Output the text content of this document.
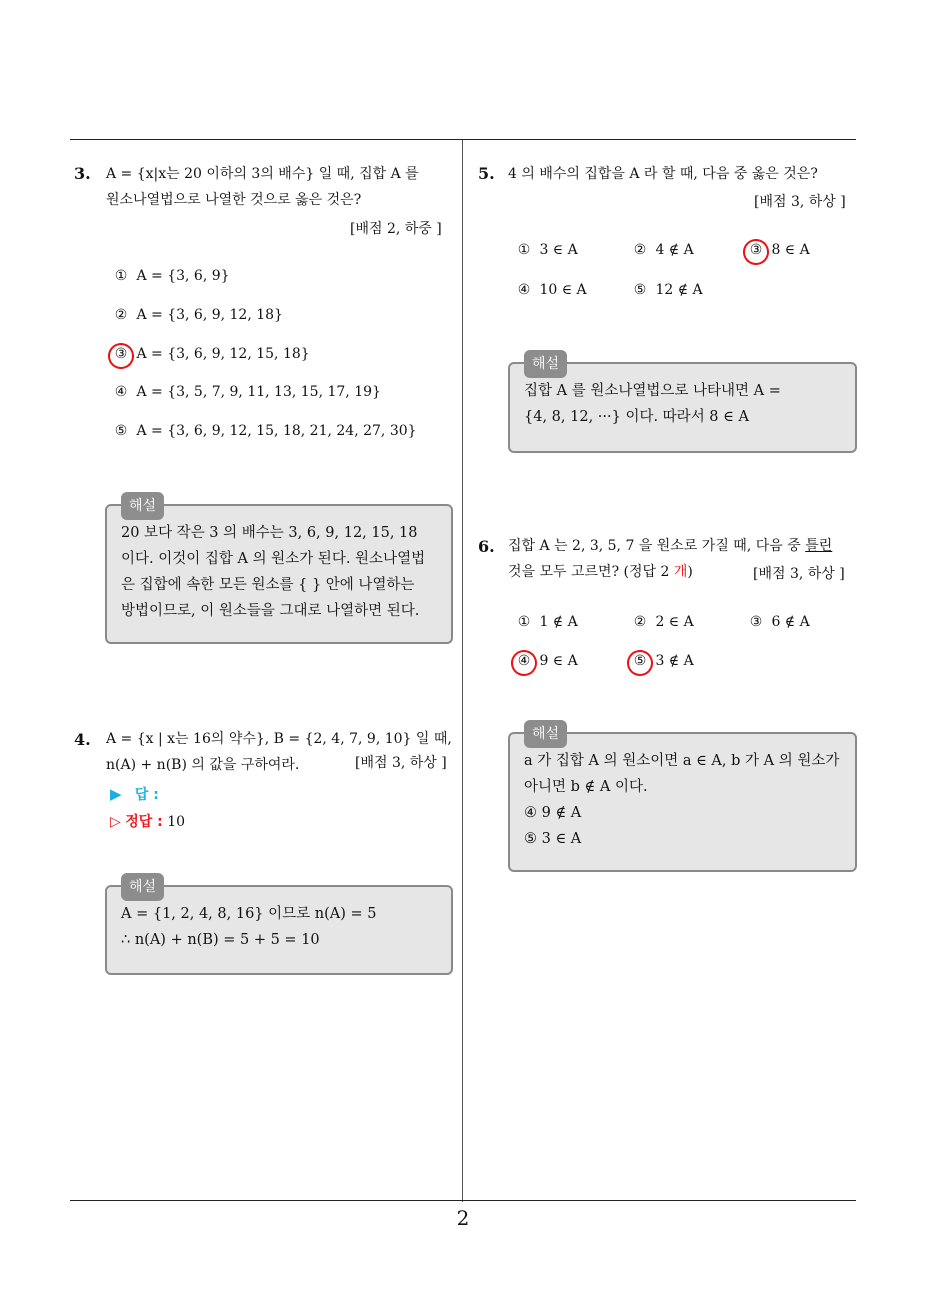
2
3. A = {x|x는 20 이하의 3의 배수} 일 때, 집합 A 를
원소나열법으로 나열한 것으로 옳은 것은?
[배점 2, 하중 ]
① A = {3, 6, 9}
② A = {3, 6, 9, 12, 18}
③ A = {3, 6, 9, 12, 15, 18}
④ A = {3, 5, 7, 9, 11, 13, 15, 17, 19}
⑤ A = {3, 6, 9, 12, 15, 18, 21, 24, 27, 30}
해설
20 보다 작은 3 의 배수는 3, 6, 9, 12, 15, 18
이다. 이것이 집합 A 의 원소가 된다. 원소나열법
은 집합에 속한 모든 원소를 { } 안에 나열하는
방법이므로, 이 원소들을 그대로 나열하면 된다.
4. A = {x | x는 16의 약수}, B = {2, 4, 7, 9, 10} 일 때,
n(A) + n(B) 의 값을 구하여라.	[배점 3, 하상 ]
▶ 답 :
▷ 정답 : 10
해설
A = {1, 2, 4, 8, 16} 이므로 n(A) = 5
∴ n(A) + n(B) = 5 + 5 = 10
5. 4 의 배수의 집합을 A 라 할 때, 다음 중 옳은 것은?
[배점 3, 하상 ]
① 3 ∈ A	② 4 ∉ A	③ 8 ∈ A
④ 10 ∈ A	⑤ 12 ∉ A
해설
집합 A 를 원소나열법으로 나타내면 A =
{4, 8, 12, ···} 이다. 따라서 8 ∈ A
6. 집합 A 는 2, 3, 5, 7 을 원소로 가질 때, 다음 중 틀린
것을 모두 고르면? (정답 2 개)	[배점 3, 하상 ]
① 1 ∉ A	② 2 ∈ A	③ 6 ∉ A
④ 9 ∈ A	⑤ 3 ∉ A
해설
a 가 집합 A 의 원소이면 a ∈ A, b 가 A 의 원소가
아니면 b ∉ A 이다.
④ 9 ∉ A
⑤ 3 ∈ A
